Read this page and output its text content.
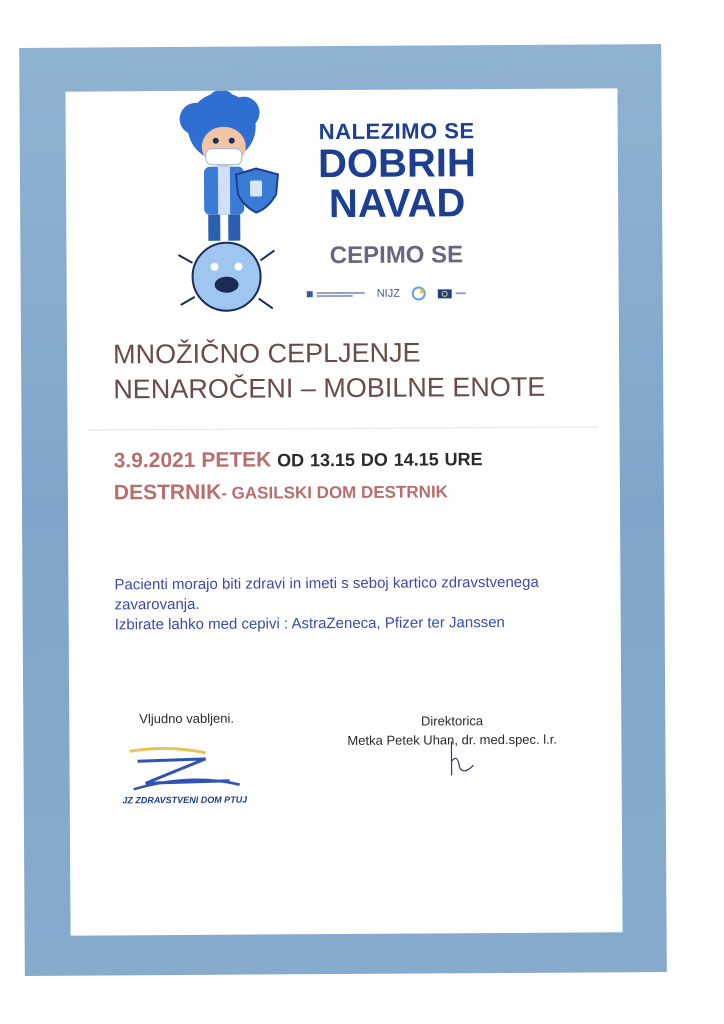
NALEZIMO SE
DOBRIH
NAVAD
CEPIMO SE
NIJZ
MNOŽIČNO CEPLJENJE
NENAROČENI – MOBILNE ENOTE
3.9.2021 PETEK OD 13.15 DO 14.15 URE
DESTRNIK- GASILSKI DOM DESTRNIK
Pacienti morajo biti zdravi in imeti s seboj kartico zdravstvenega zavarovanja.
Izbirate lahko med cepivi : AstraZeneca, Pfizer ter Janssen
Vljudno vabljeni.	Direktorica
Metka Petek Uhan, dr. med.spec. l.r.
JZ ZDRAVSTVENI DOM PTUJ
